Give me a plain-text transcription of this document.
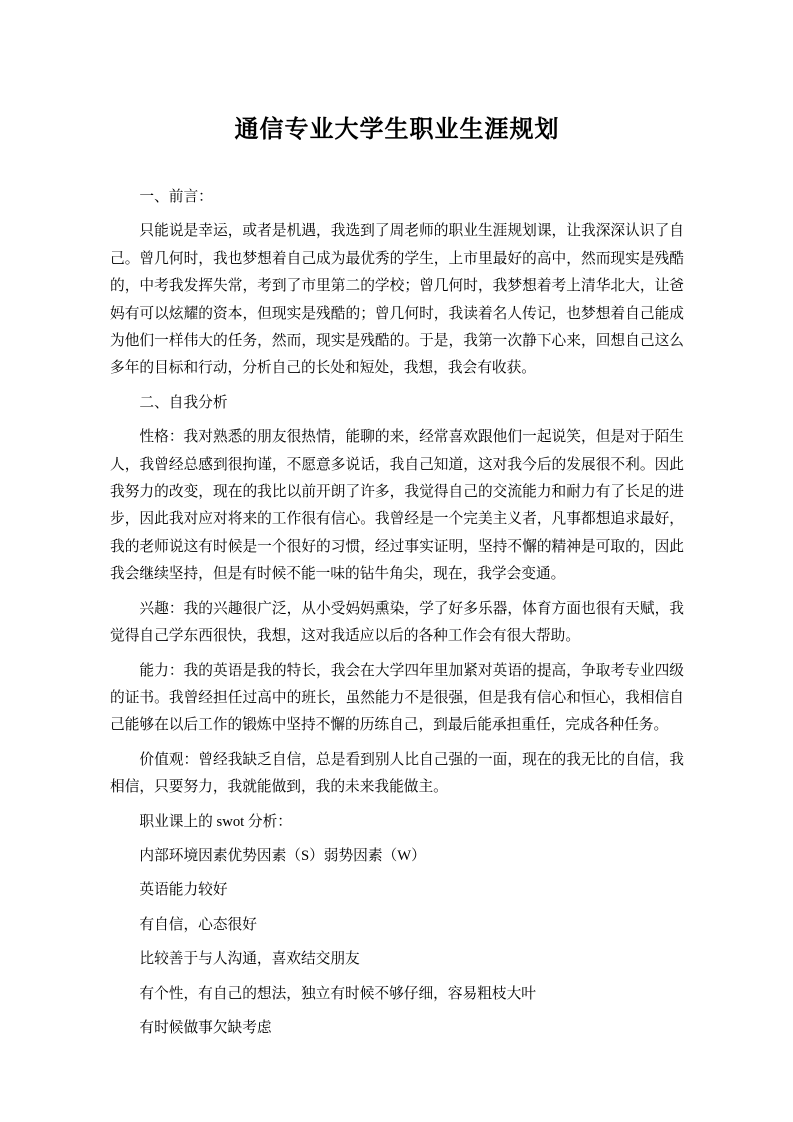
通信专业大学生职业生涯规划

一、前言：

只能说是幸运，或者是机遇，我选到了周老师的职业生涯规划课，让我深深认识了自己。曾几何时，我也梦想着自己成为最优秀的学生，上市里最好的高中，然而现实是残酷的，中考我发挥失常，考到了市里第二的学校；曾几何时，我梦想着考上清华北大，让爸妈有可以炫耀的资本，但现实是残酷的；曾几何时，我读着名人传记，也梦想着自己能成为他们一样伟大的任务，然而，现实是残酷的。于是，我第一次静下心来，回想自己这么多年的目标和行动，分析自己的长处和短处，我想，我会有收获。

二、自我分析

性格：我对熟悉的朋友很热情，能聊的来，经常喜欢跟他们一起说笑，但是对于陌生人，我曾经总感到很拘谨，不愿意多说话，我自己知道，这对我今后的发展很不利。因此我努力的改变，现在的我比以前开朗了许多，我觉得自己的交流能力和耐力有了长足的进步，因此我对应对将来的工作很有信心。我曾经是一个完美主义者，凡事都想追求最好，我的老师说这有时候是一个很好的习惯，经过事实证明，坚持不懈的精神是可取的，因此我会继续坚持，但是有时候不能一味的钻牛角尖，现在，我学会变通。

兴趣：我的兴趣很广泛，从小受妈妈熏染，学了好多乐器，体育方面也很有天赋，我觉得自己学东西很快，我想，这对我适应以后的各种工作会有很大帮助。

能力：我的英语是我的特长，我会在大学四年里加紧对英语的提高，争取考专业四级的证书。我曾经担任过高中的班长，虽然能力不是很强，但是我有信心和恒心，我相信自己能够在以后工作的锻炼中坚持不懈的历练自己，到最后能承担重任，完成各种任务。

价值观：曾经我缺乏自信，总是看到别人比自己强的一面，现在的我无比的自信，我相信，只要努力，我就能做到，我的未来我能做主。

职业课上的 swot 分析：

内部环境因素优势因素（S）弱势因素（W）

英语能力较好

有自信，心态很好

比较善于与人沟通，喜欢结交朋友

有个性，有自己的想法，独立有时候不够仔细，容易粗枝大叶

有时候做事欠缺考虑
